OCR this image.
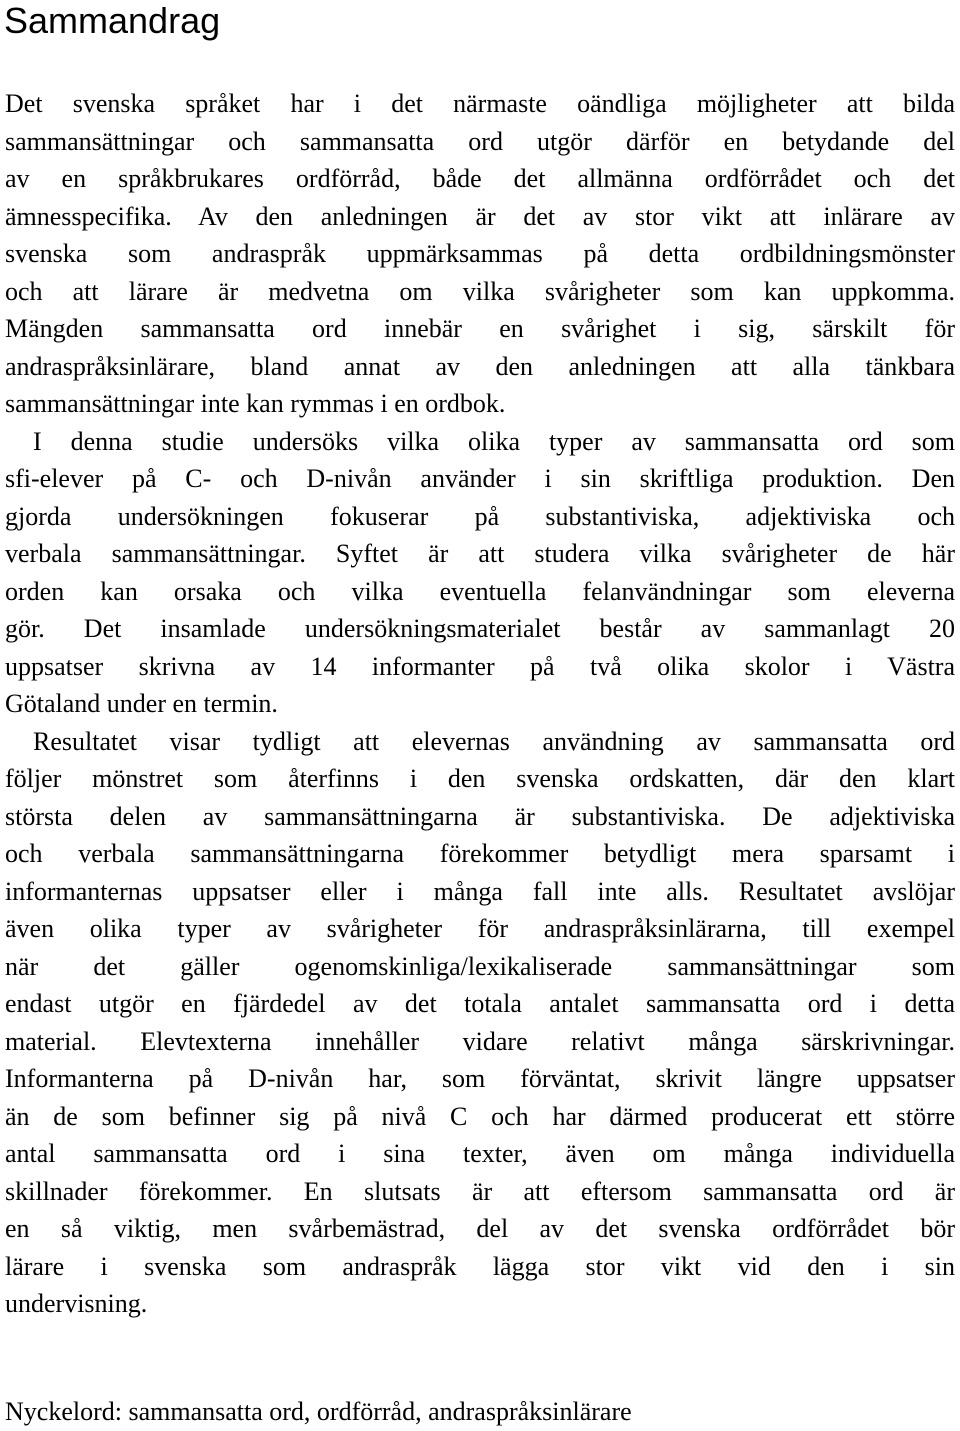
Sammandrag
Det svenska språket har i det närmaste oändliga möjligheter att bilda
sammansättningar och sammansatta ord utgör därför en betydande del
av en språkbrukares ordförråd, både det allmänna ordförrådet och det
ämnesspecifika. Av den anledningen är det av stor vikt att inlärare av
svenska som andraspråk uppmärksammas på detta ordbildningsmönster
och att lärare är medvetna om vilka svårigheter som kan uppkomma.
Mängden sammansatta ord innebär en svårighet i sig, särskilt för
andraspråksinlärare, bland annat av den anledningen att alla tänkbara
sammansättningar inte kan rymmas i en ordbok.
I denna studie undersöks vilka olika typer av sammansatta ord som
sfi-elever på C- och D-nivån använder i sin skriftliga produktion. Den
gjorda undersökningen fokuserar på substantiviska, adjektiviska och
verbala sammansättningar. Syftet är att studera vilka svårigheter de här
orden kan orsaka och vilka eventuella felanvändningar som eleverna
gör. Det insamlade undersökningsmaterialet består av sammanlagt 20
uppsatser skrivna av 14 informanter på två olika skolor i Västra
Götaland under en termin.
Resultatet visar tydligt att elevernas användning av sammansatta ord
följer mönstret som återfinns i den svenska ordskatten, där den klart
största delen av sammansättningarna är substantiviska. De adjektiviska
och verbala sammansättningarna förekommer betydligt mera sparsamt i
informanternas uppsatser eller i många fall inte alls. Resultatet avslöjar
även olika typer av svårigheter för andraspråksinlärarna, till exempel
när det gäller ogenomskinliga/lexikaliserade sammansättningar som
endast utgör en fjärdedel av det totala antalet sammansatta ord i detta
material. Elevtexterna innehåller vidare relativt många särskrivningar.
Informanterna på D-nivån har, som förväntat, skrivit längre uppsatser
än de som befinner sig på nivå C och har därmed producerat ett större
antal sammansatta ord i sina texter, även om många individuella
skillnader förekommer. En slutsats är att eftersom sammansatta ord är
en så viktig, men svårbemästrad, del av det svenska ordförrådet bör
lärare i svenska som andraspråk lägga stor vikt vid den i sin
undervisning.
Nyckelord: sammansatta ord, ordförråd, andraspråksinlärare
